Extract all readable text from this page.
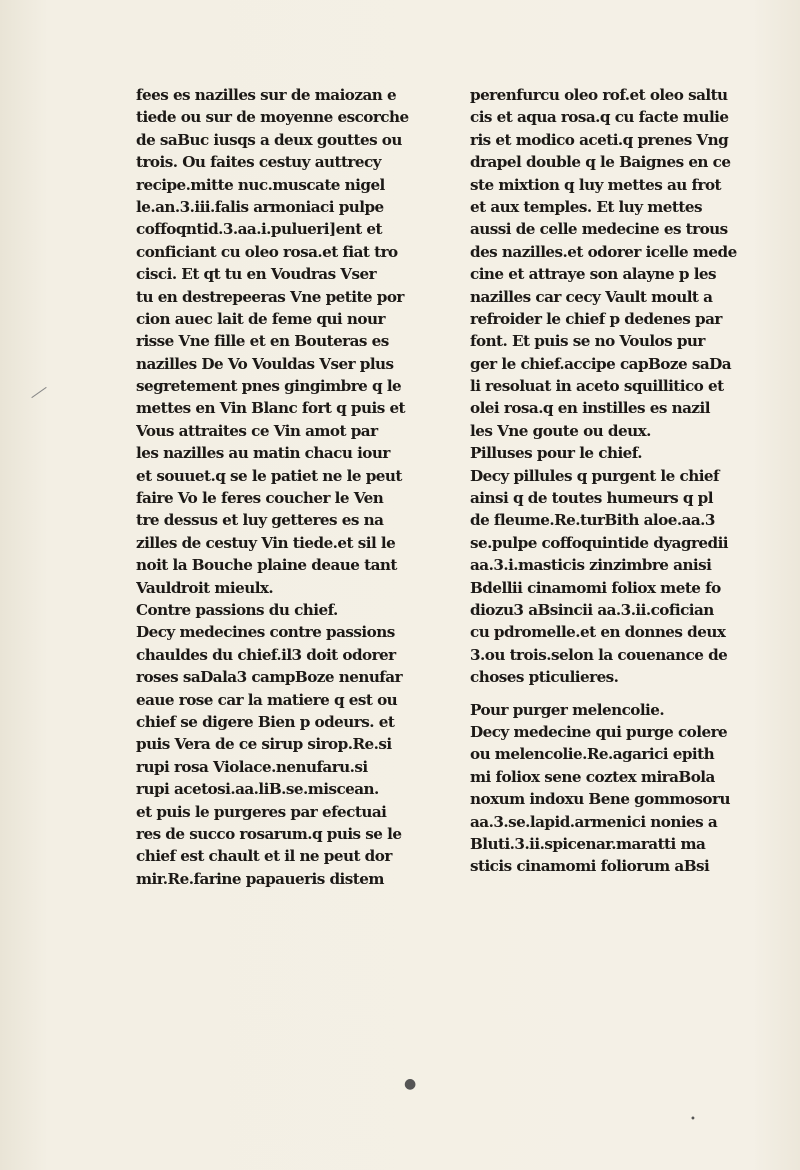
fees es nazilles sur de maiozan e
tiede ou sur de moyenne escorche
de saBuc iusqs a deux gouttes ou
trois. Ou faites cestuy auttrecy
recipe.mitte nuc.muscate nigel
le.an.3.iii.falis armoniaci pulpe
coffoqntid.3.aa.i.pulueri]ent et
conficiant cu oleo rosa.et fiat tro
cisci. Et qt tu en Voudras Vser
tu en destrepeeras Vne petite por
cion auec lait de feme qui nour
risse Vne fille et en Bouteras es
nazilles De Vo Vouldas Vser plus
segretement pnes gingimbre q le
mettes en Vin Blanc fort q puis et
Vous attraites ce Vin amot par
les nazilles au matin chacu iour
et souuet.q se le patiet ne le peut
faire Vo le feres coucher le Ven
tre dessus et luy getteres es na
zilles de cestuy Vin tiede.et sil le
noit la Bouche plaine deaue tant
Vauldroit mieulx.
Contre passions du chief.
Decy medecines contre passions
chauldes du chief.il3 doit odorer
roses saDala3 campBoze nenufar
eaue rose car la matiere q est ou
chief se digere Bien p odeurs. et
puis Vera de ce sirup sirop.Re.si
rupi rosa Violace.nenufaru.si
rupi acetosi.aa.liB.se.miscean.
et puis le purgeres par efectuai
res de succo rosarum.q puis se le
chief est chault et il ne peut dor
mir.Re.farine papaueris distem
perenfurcu oleo rof.et oleo saltu
cis et aqua rosa.q cu facte mulie
ris et modico aceti.q prenes Vng
drapel double q le Baignes en ce
ste mixtion q luy mettes au frot
et aux temples. Et luy mettes
aussi de celle medecine es trous
des nazilles.et odorer icelle mede
cine et attraye son alayne p les
nazilles car cecy Vault moult a
refroider le chief p dedenes par
font. Et puis se no Voulos pur
ger le chief.accipe capBoze saDa
li resoluat in aceto squillitico et
olei rosa.q en instilles es nazil
les Vne goute ou deux.
Pilluses pour le chief.
Decy pillules q purgent le chief
ainsi q de toutes humeurs q pl
de fleume.Re.turBith aloe.aa.3
se.pulpe coffoquintide dyagredii
aa.3.i.masticis zinzimbre anisi
Bdellii cinamomi foliox mete fo
diozu3 aBsincii aa.3.ii.cofician
cu pdromelle.et en donnes deux
3.ou trois.selon la couenance de
choses pticulieres.
Pour purger melencolie.
Decy medecine qui purge colere
ou melencolie.Re.agarici epith
mi foliox sene coztex miraBola
noxum indoxu Bene gommosoru
aa.3.se.lapid.armenici nonies a
Bluti.3.ii.spicenar.maratti ma
sticis cinamomi foliorum aBsi
●
•
